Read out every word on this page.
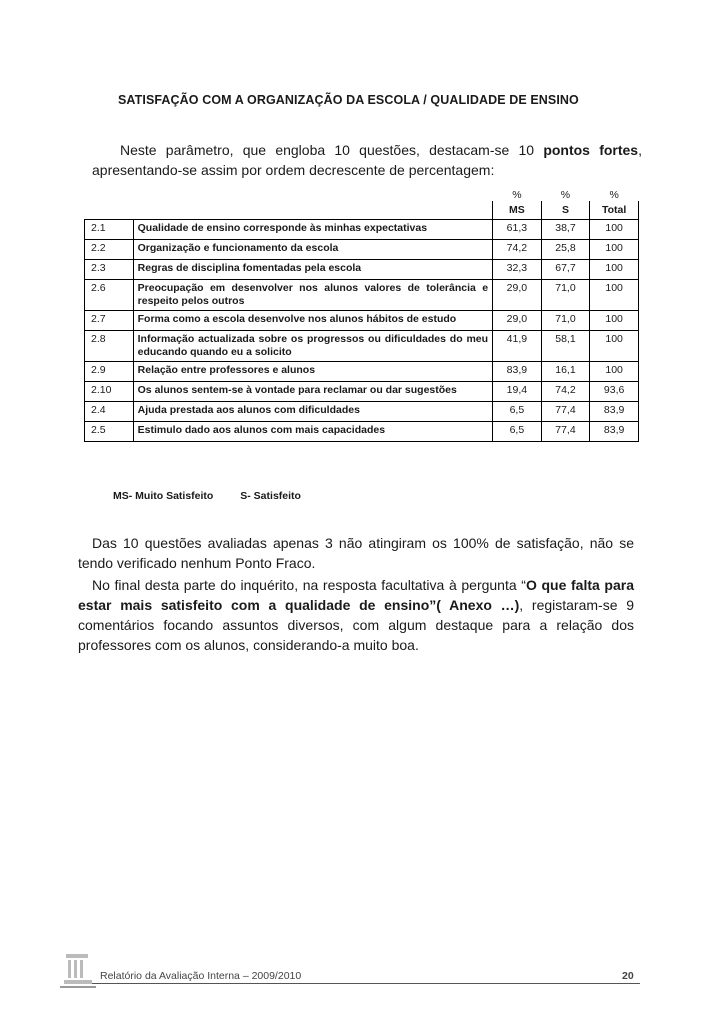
SATISFAÇÃO COM A ORGANIZAÇÃO DA ESCOLA / QUALIDADE DE ENSINO

Neste parâmetro, que engloba 10 questões, destacam-se 10 pontos fortes, apresentando-se assim por ordem decrescente de percentagem:

		%	%	%
		MS	S	Total
2.1	Qualidade de ensino corresponde às minhas expectativas	61,3	38,7	100
2.2	Organização e funcionamento da escola	74,2	25,8	100
2.3	Regras de disciplina fomentadas pela escola	32,3	67,7	100
2.6	Preocupação em desenvolver nos alunos valores de tolerância e respeito pelos outros	29,0	71,0	100
2.7	Forma como a escola desenvolve nos alunos hábitos de estudo	29,0	71,0	100
2.8	Informação actualizada sobre os progressos ou dificuldades do meu educando quando eu a solicito	41,9	58,1	100
2.9	Relação entre professores e alunos	83,9	16,1	100
2.10	Os alunos sentem-se à vontade para reclamar ou dar sugestões	19,4	74,2	93,6
2.4	Ajuda prestada aos alunos com dificuldades	6,5	77,4	83,9
2.5	Estimulo dado aos alunos com mais capacidades	6,5	77,4	83,9
MS- Muito Satisfeito	S- Satisfeito

Das 10 questões avaliadas apenas 3 não atingiram os 100% de satisfação, não se tendo verificado nenhum Ponto Fraco.

No final desta parte do inquérito, na resposta facultativa à pergunta “O que falta para estar mais satisfeito com a qualidade de ensino”( Anexo …), registaram-se 9 comentários focando assuntos diversos, com algum destaque para a relação dos professores com os alunos, considerando-a muito boa.

Relatório da Avaliação Interna – 2009/2010	20
